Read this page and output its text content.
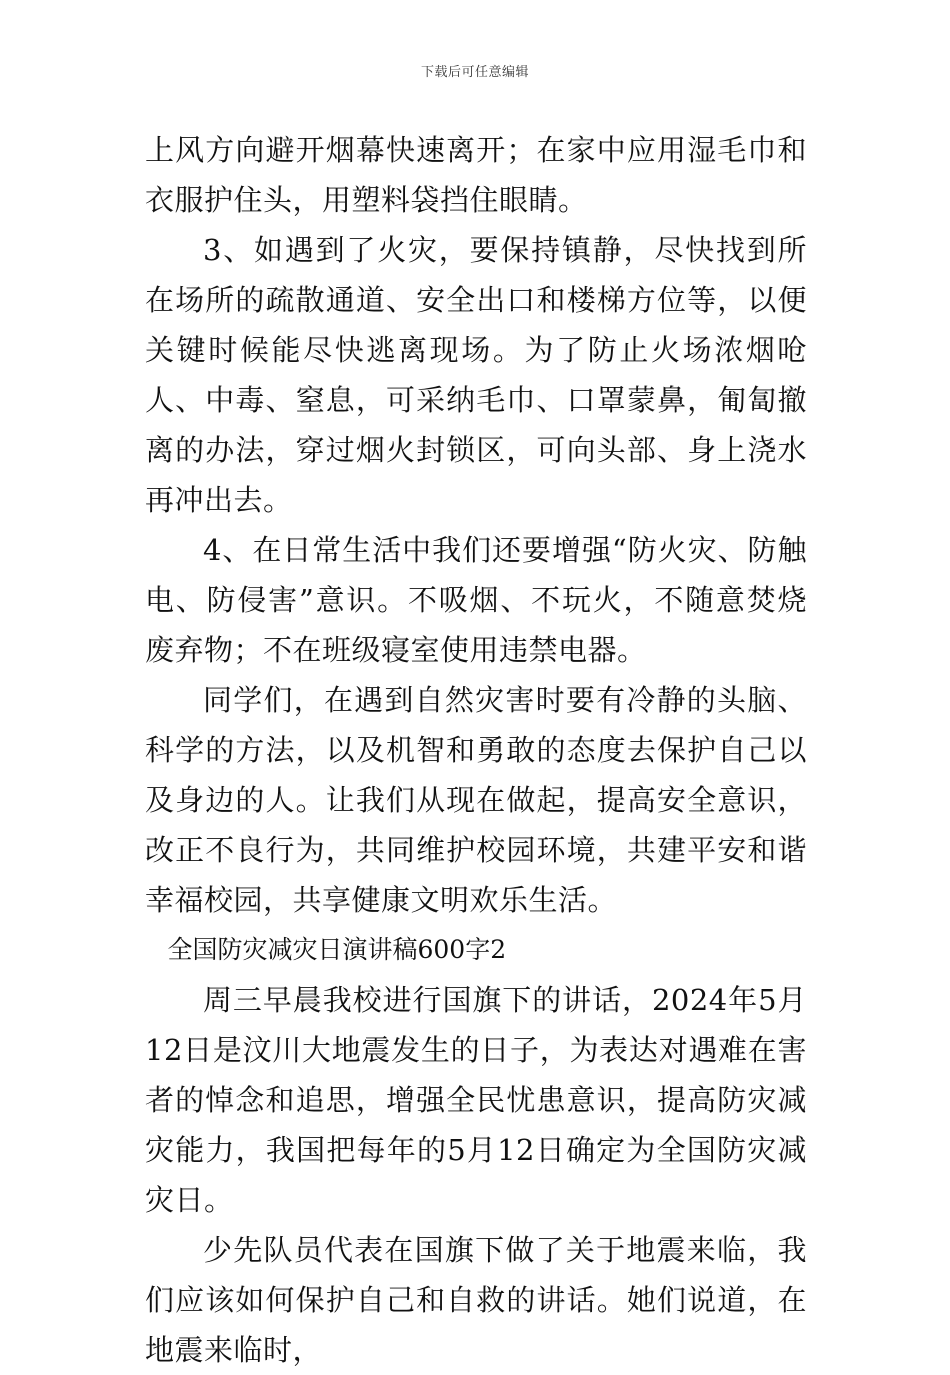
下载后可任意编辑

上风方向避开烟幕快速离开；在家中应用湿毛巾和衣服护住头，用塑料袋挡住眼睛。

3、如遇到了火灾，要保持镇静，尽快找到所在场所的疏散通道、安全出口和楼梯方位等，以便关键时候能尽快逃离现场。为了防止火场浓烟呛人、中毒、窒息，可采纳毛巾、口罩蒙鼻，匍匐撤离的办法，穿过烟火封锁区，可向头部、身上浇水再冲出去。

4、在日常生活中我们还要增强“防火灾、防触电、防侵害”意识。不吸烟、不玩火，不随意焚烧废弃物；不在班级寝室使用违禁电器。

同学们，在遇到自然灾害时要有冷静的头脑、科学的方法，以及机智和勇敢的态度去保护自己以及身边的人。让我们从现在做起，提高安全意识，改正不良行为，共同维护校园环境，共建平安和谐幸福校园，共享健康文明欢乐生活。

全国防灾减灾日演讲稿600字2

周三早晨我校进行国旗下的讲话，2024年5月12日是汶川大地震发生的日子，为表达对遇难在害者的悼念和追思，增强全民忧患意识，提高防灾减灾能力，我国把每年的5月12日确定为全国防灾减灾日。

少先队员代表在国旗下做了关于地震来临，我们应该如何保护自己和自救的讲话。她们说道，在地震来临时，
